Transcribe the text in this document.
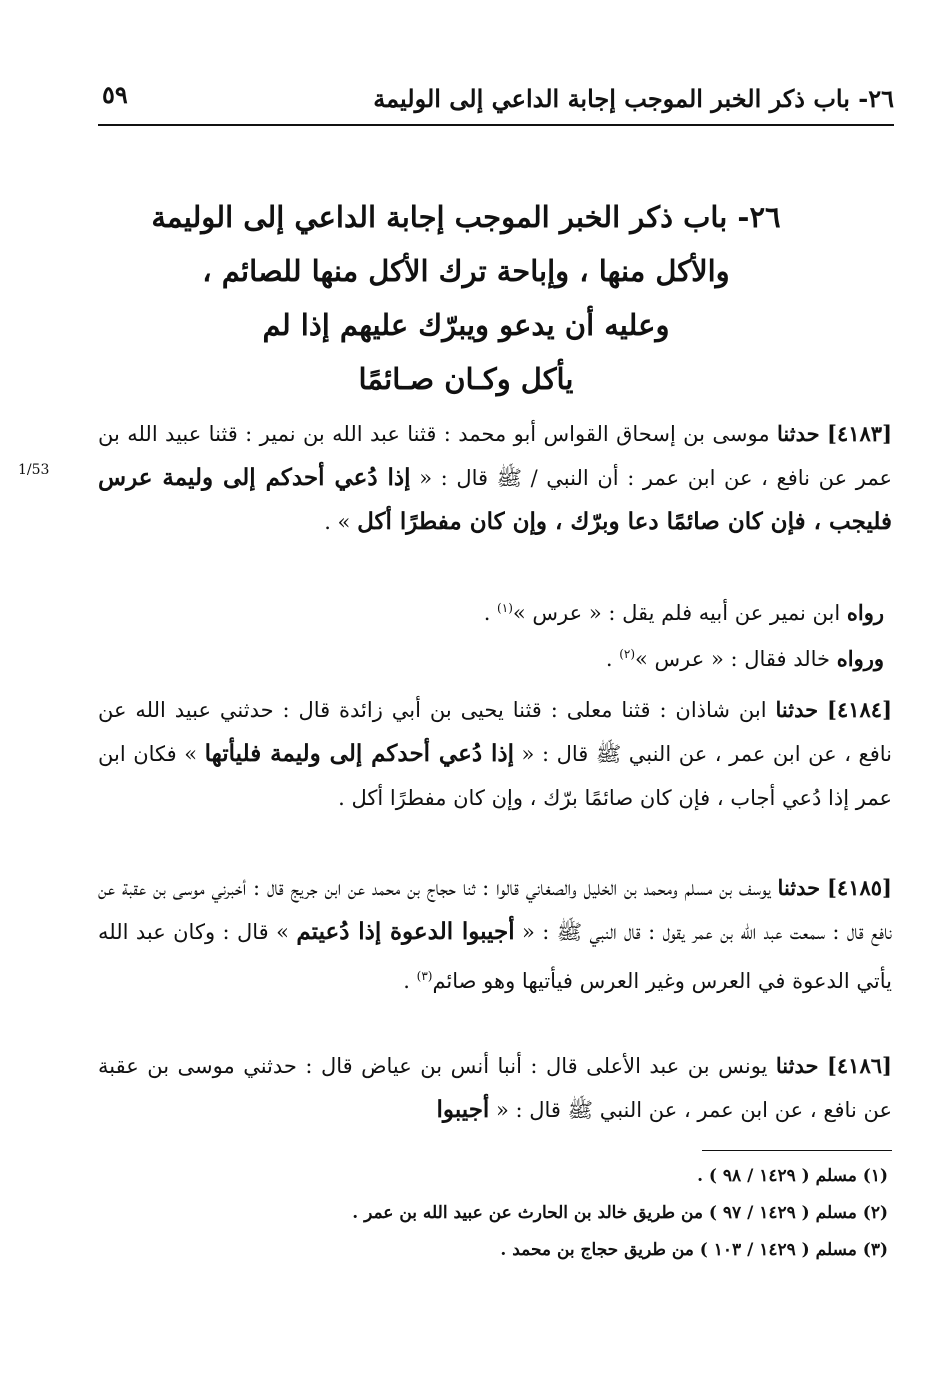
٥٩	٢٦- باب ذكر الخبر الموجب إجابة الداعي إلى الوليمة
٢٦- باب ذكر الخبر الموجب إجابة الداعي إلى الوليمة
والأكل منها ، وإباحة ترك الأكل منها للصائم ،
وعليه أن يدعو ويبرّك عليهم إذا لم
يأكل وكـان صـائمًا
1/53
[٤١٨٣] حدثنا موسى بن إسحاق القواس أبو محمد : قثنا عبد الله بن نمير : قثنا عبيد الله بن عمر عن نافع ، عن ابن عمر : أن النبي / ﷺ قال : « إذا دُعي أحدكم إلى وليمة عرس فليجب ، فإن كان صائمًا دعا وبرّك ، وإن كان مفطرًا أكل » .
رواه ابن نمير عن أبيه فلم يقل : « عرس »$^{(١)}$ .
ورواه خالد فقال : « عرس »$^{(٢)}$ .
[٤١٨٤] حدثنا ابن شاذان : قثنا معلى : قثنا يحيى بن أبي زائدة قال : حدثني عبيد الله عن نافع ، عن ابن عمر ، عن النبي ﷺ قال : « إذا دُعي أحدكم إلى وليمة فليأتها » فكان ابن عمر إذا دُعي أجاب ، فإن كان صائمًا برّك ، وإن كان مفطرًا أكل .
[٤١٨٥] حدثنا يوسف بن مسلم ومحمد بن الخليل والصغاني قالوا : ثنا حجاج بن محمد عن ابن جريج قال : أخبرني موسى بن عقبة عن نافع قال : سمعت عبد الله بن عمر يقول : قال النبي ﷺ : « أجيبوا الدعوة إذا دُعيتم » قال : وكان عبد الله يأتي الدعوة في العرس وغير العرس فيأتيها وهو صائم$^{(٣)}$ .
[٤١٨٦] حدثنا يونس بن عبد الأعلى قال : أنبا أنس بن عياض قال : حدثني موسى بن عقبة عن نافع ، عن ابن عمر ، عن النبي ﷺ قال : « أجيبوا
(١) مسلم ( ١٤٢٩ / ٩٨ ) .
(٢) مسلم ( ١٤٢٩ / ٩٧ ) من طريق خالد بن الحارث عن عبيد الله بن عمر .
(٣) مسلم ( ١٤٢٩ / ١٠٣ ) من طريق حجاج بن محمد .
